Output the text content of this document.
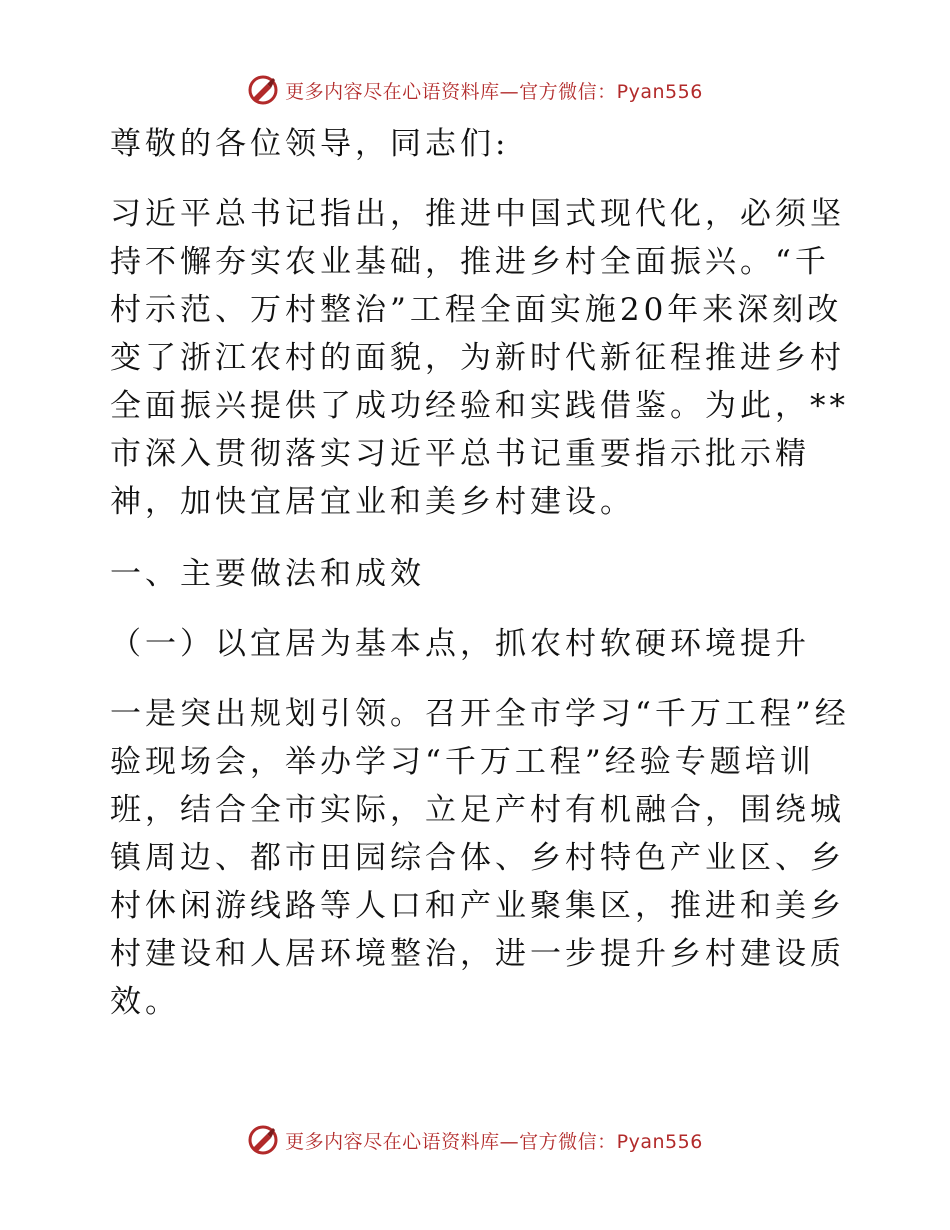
更多内容尽在心语资料库—官方微信：Pyan556

尊敬的各位领导，同志们:

习近平总书记指出，推进中国式现代化，必须坚持不懈夯实农业基础，推进乡村全面振兴。“千村示范、万村整治”工程全面实施20年来深刻改变了浙江农村的面貌，为新时代新征程推进乡村全面振兴提供了成功经验和实践借鉴。为此，**市深入贯彻落实习近平总书记重要指示批示精神，加快宜居宜业和美乡村建设。

一、主要做法和成效

（一）以宜居为基本点，抓农村软硬环境提升

一是突出规划引领。召开全市学习“千万工程”经验现场会，举办学习“千万工程”经验专题培训班，结合全市实际，立足产村有机融合，围绕城镇周边、都市田园综合体、乡村特色产业区、乡村休闲游线路等人口和产业聚集区，推进和美乡村建设和人居环境整治，进一步提升乡村建设质效。

更多内容尽在心语资料库—官方微信：Pyan556
